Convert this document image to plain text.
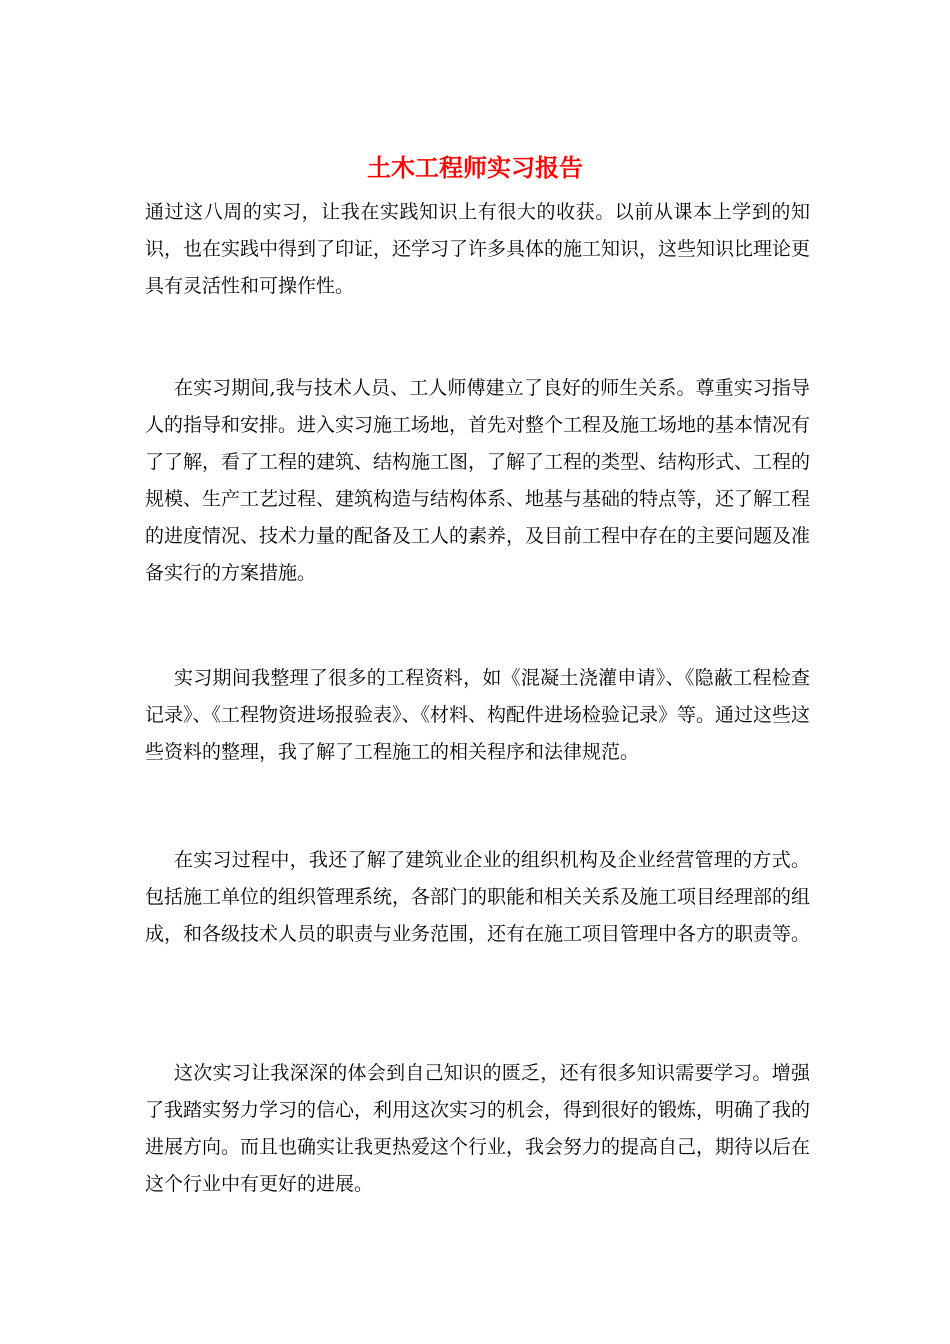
土木工程师实习报告

通过这八周的实习，让我在实践知识上有很大的收获。以前从课本上学到的知识，也在实践中得到了印证，还学习了许多具体的施工知识，这些知识比理论更具有灵活性和可操作性。

在实习期间,我与技术人员、工人师傅建立了良好的师生关系。尊重实习指导人的指导和安排。进入实习施工场地，首先对整个工程及施工场地的基本情况有了了解，看了工程的建筑、结构施工图，了解了工程的类型、结构形式、工程的规模、生产工艺过程、建筑构造与结构体系、地基与基础的特点等，还了解工程的进度情况、技术力量的配备及工人的素养，及目前工程中存在的主要问题及准备实行的方案措施。

实习期间我整理了很多的工程资料，如《混凝土浇灌申请》、《隐蔽工程检查记录》、《工程物资进场报验表》、《材料、构配件进场检验记录》等。通过这些这些资料的整理，我了解了工程施工的相关程序和法律规范。

在实习过程中，我还了解了建筑业企业的组织机构及企业经营管理的方式。包括施工单位的组织管理系统，各部门的职能和相关关系及施工项目经理部的组成，和各级技术人员的职责与业务范围，还有在施工项目管理中各方的职责等。

这次实习让我深深的体会到自己知识的匮乏，还有很多知识需要学习。增强了我踏实努力学习的信心，利用这次实习的机会，得到很好的锻炼，明确了我的进展方向。而且也确实让我更热爱这个行业，我会努力的提高自己，期待以后在这个行业中有更好的进展。
